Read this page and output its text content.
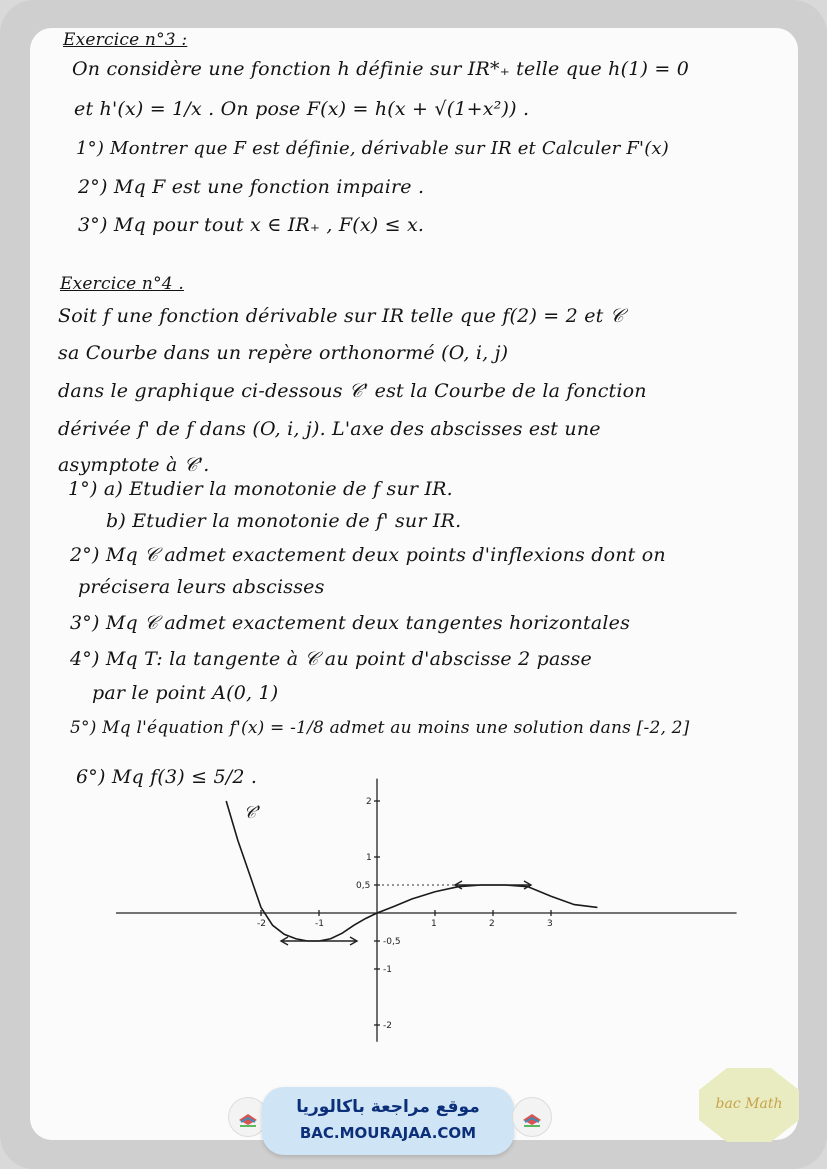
Exercice n°3 :
On considère une fonction h définie sur IR*₊ telle que h(1) = 0
et h'(x) = 1/x . On pose F(x) = h(x + √(1+x²)) .
1°) Montrer que F est définie, dérivable sur IR et Calculer F'(x)
2°) Mq F est une fonction impaire .
3°) Mq pour tout x ∈ IR₊ , F(x) ≤ x.
Exercice n°4 .
Soit f une fonction dérivable sur IR telle que f(2) = 2 et 𝒞
sa Courbe dans un repère orthonormé (O, i, j)
dans le graphique ci-dessous 𝒞' est la Courbe de la fonction
dérivée f' de f dans (O, i, j). L'axe des abscisses est une
asymptote à 𝒞'.
1°) a) Etudier la monotonie de f sur IR.
b) Etudier la monotonie de f' sur IR.
2°) Mq 𝒞 admet exactement deux points d'inflexions dont on
précisera leurs abscisses
3°) Mq 𝒞 admet exactement deux tangentes horizontales
4°) Mq T: la tangente à 𝒞 au point d'abscisse 2 passe
par le point A(0, 1)
5°) Mq l'équation f'(x) = -1/8 admet au moins une solution dans [-2, 2]
6°) Mq f(3) ≤ 5/2 .
-2	-1	1	2	3
2
1
0,5
-0,5
-1
-2
𝒞'
موقع مراجعة باكالوريا
BAC.MOURAJAA.COM
bac Math
